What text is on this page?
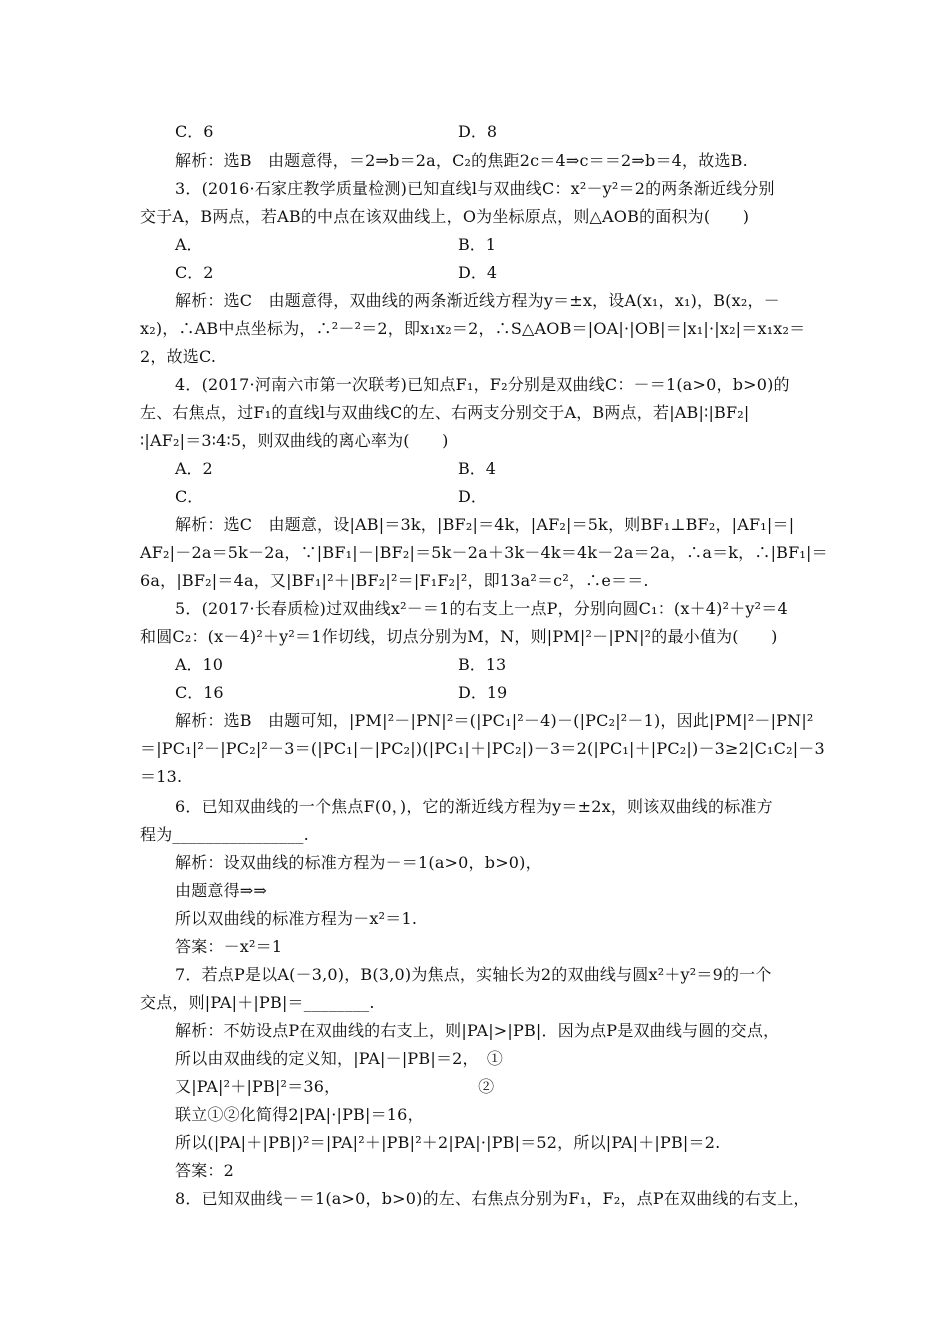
C．6	D．8
解析：选B　由题意得，＝2⇒b＝2a，C₂的焦距2c＝4⇒c＝＝2⇒b＝4，故选B.
3．(2016·石家庄教学质量检测)已知直线l与双曲线C：x²－y²＝2的两条渐近线分别
交于A，B两点，若AB的中点在该双曲线上，O为坐标原点，则△AOB的面积为(　　)
A．	B．1
C．2	D．4
解析：选C　由题意得，双曲线的两条渐近线方程为y＝±x，设A(x₁，x₁)，B(x₂，－
x₂)，∴AB中点坐标为，∴²－²＝2，即x₁x₂＝2，∴S△AOB＝|OA|·|OB|＝|x₁|·|x₂|＝x₁x₂＝
2，故选C.
4．(2017·河南六市第一次联考)已知点F₁，F₂分别是双曲线C：－＝1(a>0，b>0)的
左、右焦点，过F₁的直线l与双曲线C的左、右两支分别交于A，B两点，若|AB|∶|BF₂|
∶|AF₂|＝3∶4∶5，则双曲线的离心率为(　　)
A．2	B．4
C．	D．
解析：选C　由题意，设|AB|＝3k，|BF₂|＝4k，|AF₂|＝5k，则BF₁⊥BF₂，|AF₁|＝|
AF₂|－2a＝5k－2a，∵|BF₁|－|BF₂|＝5k－2a＋3k－4k＝4k－2a＝2a，∴a＝k，∴|BF₁|＝
6a，|BF₂|＝4a，又|BF₁|²＋|BF₂|²＝|F₁F₂|²，即13a²＝c²，∴e＝＝.
5．(2017·长春质检)过双曲线x²－＝1的右支上一点P，分别向圆C₁：(x＋4)²＋y²＝4
和圆C₂：(x－4)²＋y²＝1作切线，切点分别为M，N，则|PM|²－|PN|²的最小值为(　　)
A．10	B．13
C．16	D．19
解析：选B　由题可知，|PM|²－|PN|²＝(|PC₁|²－4)－(|PC₂|²－1)，因此|PM|²－|PN|²
＝|PC₁|²－|PC₂|²－3＝(|PC₁|－|PC₂|)(|PC₁|＋|PC₂|)－3＝2(|PC₁|＋|PC₂|)－3≥2|C₁C₂|－3
＝13.
6．已知双曲线的一个焦点F(0，)，它的渐近线方程为y＝±2x，则该双曲线的标准方
程为________________.
解析：设双曲线的标准方程为－＝1(a>0，b>0)，
由题意得⇒⇒
所以双曲线的标准方程为－x²＝1.
答案：－x²＝1
7．若点P是以A(－3,0)，B(3,0)为焦点，实轴长为2的双曲线与圆x²＋y²＝9的一个
交点，则|PA|＋|PB|＝________.
解析：不妨设点P在双曲线的右支上，则|PA|>|PB|．因为点P是双曲线与圆的交点，
所以由双曲线的定义知，|PA|－|PB|＝2，　①
又|PA|²＋|PB|²＝36，　　　　　　　　　②
联立①②化简得2|PA|·|PB|＝16，
所以(|PA|＋|PB|)²＝|PA|²＋|PB|²＋2|PA|·|PB|＝52，所以|PA|＋|PB|＝2.
答案：2
8．已知双曲线－＝1(a>0，b>0)的左、右焦点分别为F₁，F₂，点P在双曲线的右支上，
